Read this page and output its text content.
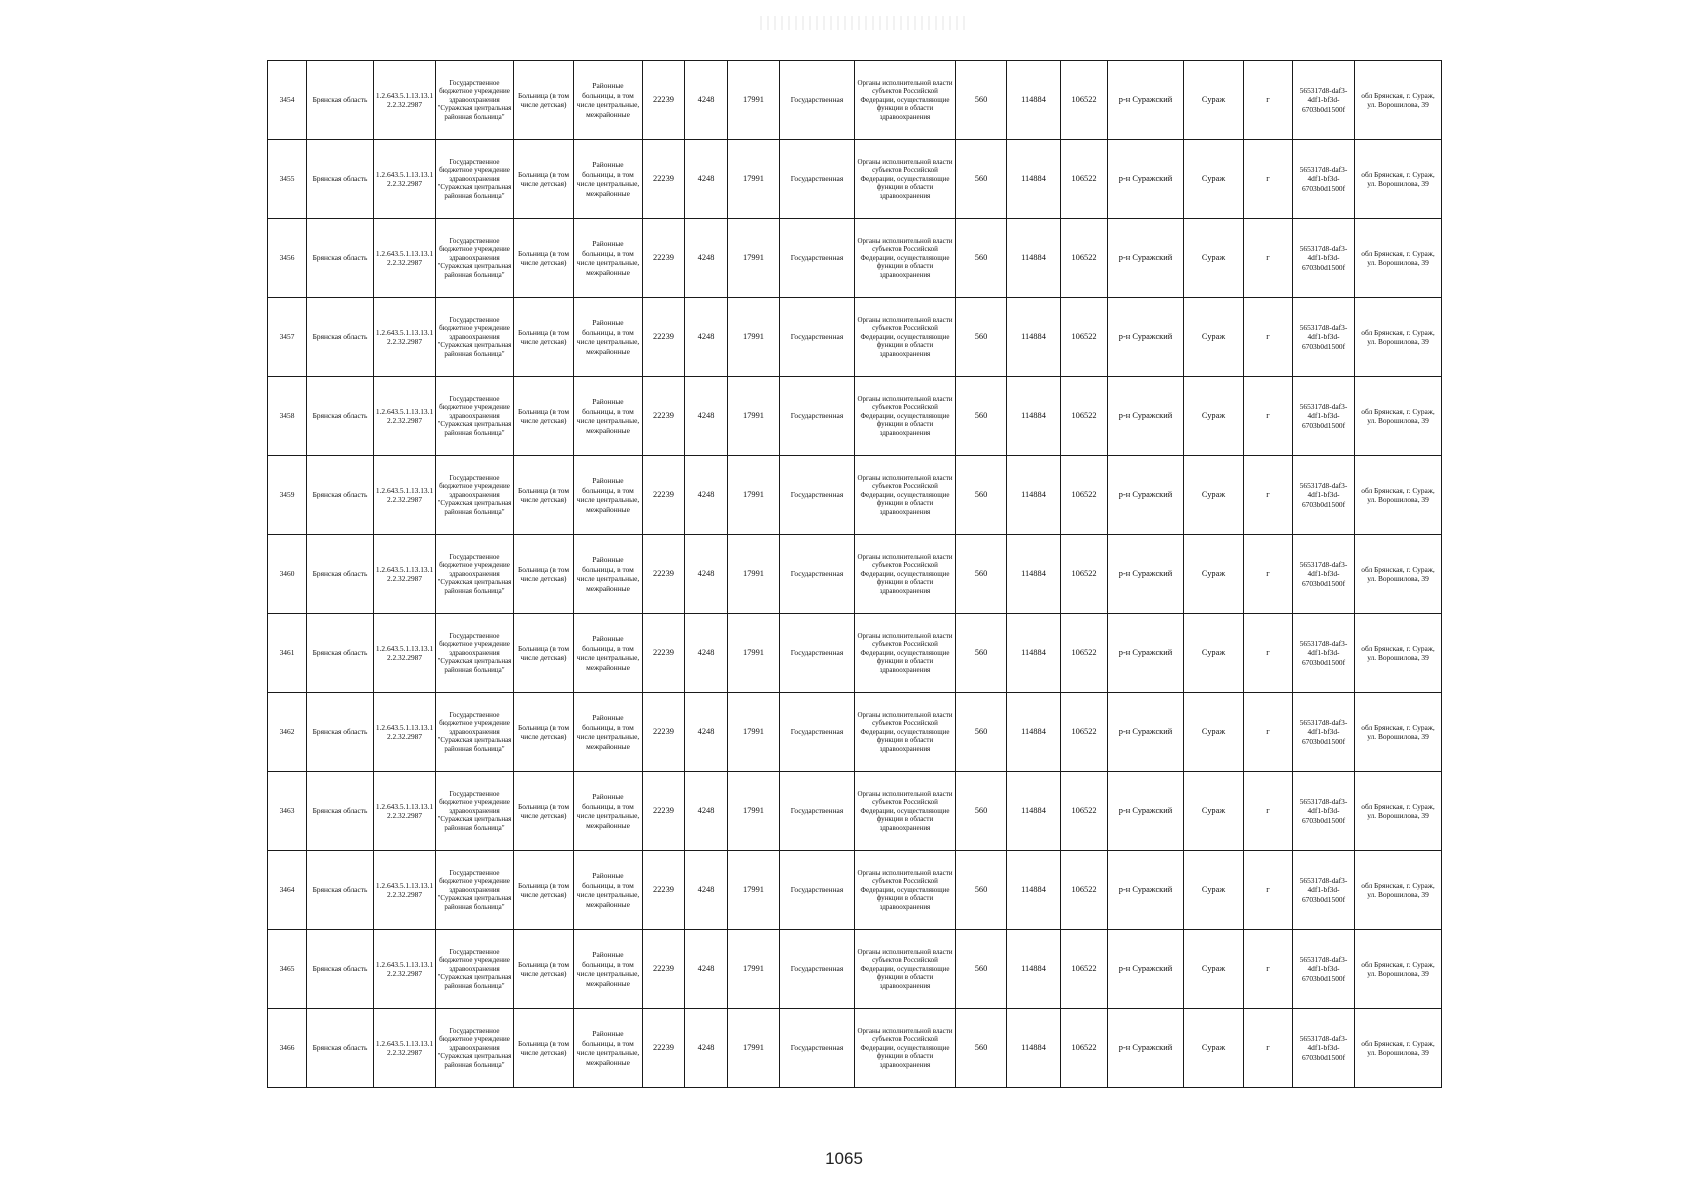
3454	Брянская область	1.2.643.5.1.13.13.12.2.32.2987	Государственное бюджетное учреждение здравоохранения "Суражская центральная районная больница"	Больница (в том числе детская)	Районные больницы, в том числе центральные, межрайонные	22239	4248	17991	Государственная	Органы исполнительной власти субъектов Российской Федерации, осуществляющие функции в области здравоохранения	560	114884	106522	р-н Суражский	Сураж	г	565317d8-daf3-4df1-bf3d-6703b0d1500f	обл Брянская, г. Сураж, ул. Ворошилова, 39
3455	Брянская область	1.2.643.5.1.13.13.12.2.32.2987	Государственное бюджетное учреждение здравоохранения "Суражская центральная районная больница"	Больница (в том числе детская)	Районные больницы, в том числе центральные, межрайонные	22239	4248	17991	Государственная	Органы исполнительной власти субъектов Российской Федерации, осуществляющие функции в области здравоохранения	560	114884	106522	р-н Суражский	Сураж	г	565317d8-daf3-4df1-bf3d-6703b0d1500f	обл Брянская, г. Сураж, ул. Ворошилова, 39
3456	Брянская область	1.2.643.5.1.13.13.12.2.32.2987	Государственное бюджетное учреждение здравоохранения "Суражская центральная районная больница"	Больница (в том числе детская)	Районные больницы, в том числе центральные, межрайонные	22239	4248	17991	Государственная	Органы исполнительной власти субъектов Российской Федерации, осуществляющие функции в области здравоохранения	560	114884	106522	р-н Суражский	Сураж	г	565317d8-daf3-4df1-bf3d-6703b0d1500f	обл Брянская, г. Сураж, ул. Ворошилова, 39
3457	Брянская область	1.2.643.5.1.13.13.12.2.32.2987	Государственное бюджетное учреждение здравоохранения "Суражская центральная районная больница"	Больница (в том числе детская)	Районные больницы, в том числе центральные, межрайонные	22239	4248	17991	Государственная	Органы исполнительной власти субъектов Российской Федерации, осуществляющие функции в области здравоохранения	560	114884	106522	р-н Суражский	Сураж	г	565317d8-daf3-4df1-bf3d-6703b0d1500f	обл Брянская, г. Сураж, ул. Ворошилова, 39
3458	Брянская область	1.2.643.5.1.13.13.12.2.32.2987	Государственное бюджетное учреждение здравоохранения "Суражская центральная районная больница"	Больница (в том числе детская)	Районные больницы, в том числе центральные, межрайонные	22239	4248	17991	Государственная	Органы исполнительной власти субъектов Российской Федерации, осуществляющие функции в области здравоохранения	560	114884	106522	р-н Суражский	Сураж	г	565317d8-daf3-4df1-bf3d-6703b0d1500f	обл Брянская, г. Сураж, ул. Ворошилова, 39
3459	Брянская область	1.2.643.5.1.13.13.12.2.32.2987	Государственное бюджетное учреждение здравоохранения "Суражская центральная районная больница"	Больница (в том числе детская)	Районные больницы, в том числе центральные, межрайонные	22239	4248	17991	Государственная	Органы исполнительной власти субъектов Российской Федерации, осуществляющие функции в области здравоохранения	560	114884	106522	р-н Суражский	Сураж	г	565317d8-daf3-4df1-bf3d-6703b0d1500f	обл Брянская, г. Сураж, ул. Ворошилова, 39
3460	Брянская область	1.2.643.5.1.13.13.12.2.32.2987	Государственное бюджетное учреждение здравоохранения "Суражская центральная районная больница"	Больница (в том числе детская)	Районные больницы, в том числе центральные, межрайонные	22239	4248	17991	Государственная	Органы исполнительной власти субъектов Российской Федерации, осуществляющие функции в области здравоохранения	560	114884	106522	р-н Суражский	Сураж	г	565317d8-daf3-4df1-bf3d-6703b0d1500f	обл Брянская, г. Сураж, ул. Ворошилова, 39
3461	Брянская область	1.2.643.5.1.13.13.12.2.32.2987	Государственное бюджетное учреждение здравоохранения "Суражская центральная районная больница"	Больница (в том числе детская)	Районные больницы, в том числе центральные, межрайонные	22239	4248	17991	Государственная	Органы исполнительной власти субъектов Российской Федерации, осуществляющие функции в области здравоохранения	560	114884	106522	р-н Суражский	Сураж	г	565317d8-daf3-4df1-bf3d-6703b0d1500f	обл Брянская, г. Сураж, ул. Ворошилова, 39
3462	Брянская область	1.2.643.5.1.13.13.12.2.32.2987	Государственное бюджетное учреждение здравоохранения "Суражская центральная районная больница"	Больница (в том числе детская)	Районные больницы, в том числе центральные, межрайонные	22239	4248	17991	Государственная	Органы исполнительной власти субъектов Российской Федерации, осуществляющие функции в области здравоохранения	560	114884	106522	р-н Суражский	Сураж	г	565317d8-daf3-4df1-bf3d-6703b0d1500f	обл Брянская, г. Сураж, ул. Ворошилова, 39
3463	Брянская область	1.2.643.5.1.13.13.12.2.32.2987	Государственное бюджетное учреждение здравоохранения "Суражская центральная районная больница"	Больница (в том числе детская)	Районные больницы, в том числе центральные, межрайонные	22239	4248	17991	Государственная	Органы исполнительной власти субъектов Российской Федерации, осуществляющие функции в области здравоохранения	560	114884	106522	р-н Суражский	Сураж	г	565317d8-daf3-4df1-bf3d-6703b0d1500f	обл Брянская, г. Сураж, ул. Ворошилова, 39
3464	Брянская область	1.2.643.5.1.13.13.12.2.32.2987	Государственное бюджетное учреждение здравоохранения "Суражская центральная районная больница"	Больница (в том числе детская)	Районные больницы, в том числе центральные, межрайонные	22239	4248	17991	Государственная	Органы исполнительной власти субъектов Российской Федерации, осуществляющие функции в области здравоохранения	560	114884	106522	р-н Суражский	Сураж	г	565317d8-daf3-4df1-bf3d-6703b0d1500f	обл Брянская, г. Сураж, ул. Ворошилова, 39
3465	Брянская область	1.2.643.5.1.13.13.12.2.32.2987	Государственное бюджетное учреждение здравоохранения "Суражская центральная районная больница"	Больница (в том числе детская)	Районные больницы, в том числе центральные, межрайонные	22239	4248	17991	Государственная	Органы исполнительной власти субъектов Российской Федерации, осуществляющие функции в области здравоохранения	560	114884	106522	р-н Суражский	Сураж	г	565317d8-daf3-4df1-bf3d-6703b0d1500f	обл Брянская, г. Сураж, ул. Ворошилова, 39
3466	Брянская область	1.2.643.5.1.13.13.12.2.32.2987	Государственное бюджетное учреждение здравоохранения "Суражская центральная районная больница"	Больница (в том числе детская)	Районные больницы, в том числе центральные, межрайонные	22239	4248	17991	Государственная	Органы исполнительной власти субъектов Российской Федерации, осуществляющие функции в области здравоохранения	560	114884	106522	р-н Суражский	Сураж	г	565317d8-daf3-4df1-bf3d-6703b0d1500f	обл Брянская, г. Сураж, ул. Ворошилова, 39
1065
